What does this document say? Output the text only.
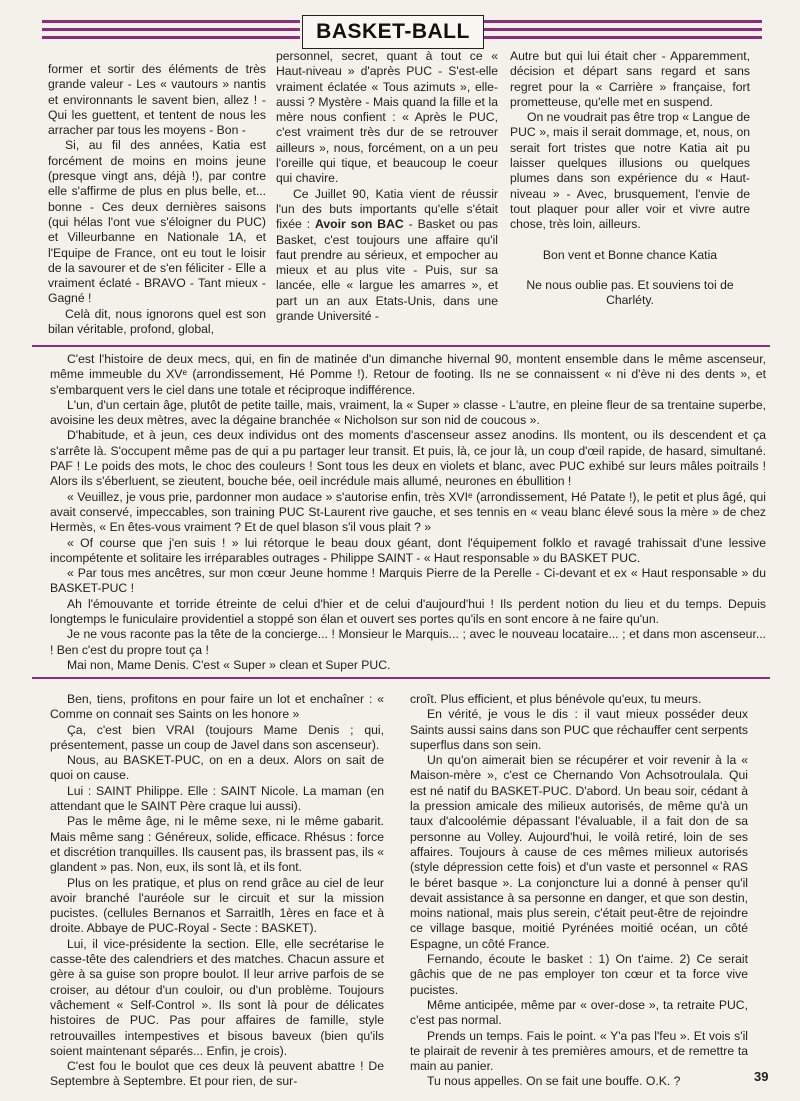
BASKET-BALL

former et sortir des éléments de très grande valeur - Les « vautours » nantis et environnants le savent bien, allez ! - Qui les guettent, et tentent de nous les arracher par tous les moyens - Bon -

Si, au fil des années, Katia est forcément de moins en moins jeune (presque vingt ans, déjà !), par contre elle s'affirme de plus en plus belle, et... bonne - Ces deux dernières saisons (qui hélas l'ont vue s'éloigner du PUC) et Villeurbanne en Nationale 1A, et l'Equipe de France, ont eu tout le loisir de la savourer et de s'en féliciter - Elle a vraiment éclaté - BRAVO - Tant mieux - Gagné !

Celà dit, nous ignorons quel est son bilan véritable, profond, global,

personnel, secret, quant à tout ce « Haut-niveau » d'après PUC - S'est-elle vraiment éclatée « Tous azimuts », elle-aussi ? Mystère - Mais quand la fille et la mère nous confient : « Après le PUC, c'est vraiment très dur de se retrouver ailleurs », nous, forcément, on a un peu l'oreille qui tique, et beaucoup le coeur qui chavire.

Ce Juillet 90, Katia vient de réussir l'un des buts importants qu'elle s'était fixée : Avoir son BAC - Basket ou pas Basket, c'est toujours une affaire qu'il faut prendre au sérieux, et empocher au mieux et au plus vite - Puis, sur sa lancée, elle « largue les amarres », et part un an aux Etats-Unis, dans une grande Université -

Autre but qui lui était cher - Apparemment, décision et départ sans regard et sans regret pour la « Carrière » française, fort prometteuse, qu'elle met en suspend.

On ne voudrait pas être trop « Langue de PUC », mais il serait dommage, et, nous, on serait fort tristes que notre Katia ait pu laisser quelques illusions ou quelques plumes dans son expérience du « Haut-niveau » - Avec, brusquement, l'envie de tout plaquer pour aller voir et vivre autre chose, très loin, ailleurs.

Bon vent et Bonne chance Katia

Ne nous oublie pas. Et souviens toi de Charléty.

C'est l'histoire de deux mecs, qui, en fin de matinée d'un dimanche hivernal 90, montent ensemble dans le même ascenseur, même immeuble du XVᵉ (arrondissement, Hé Pomme !). Retour de footing. Ils ne se connaissent « ni d'ève ni des dents », et s'embarquent vers le ciel dans une totale et réciproque indifférence.

L'un, d'un certain âge, plutôt de petite taille, mais, vraiment, la « Super » classe - L'autre, en pleine fleur de sa trentaine superbe, avoisine les deux mètres, avec la dégaine branchée « Nicholson sur son nid de coucous ».

D'habitude, et à jeun, ces deux individus ont des moments d'ascenseur assez anodins. Ils montent, ou ils descendent et ça s'arrête là. S'occupent même pas de qui a pu partager leur transit. Et puis, là, ce jour là, un coup d'œil rapide, de hasard, simultané. PAF ! Le poids des mots, le choc des couleurs ! Sont tous les deux en violets et blanc, avec PUC exhibé sur leurs mâles poitrails ! Alors ils s'éberluent, se zieutent, bouche bée, oeil incrédule mais allumé, neurones en ébullition !

« Veuillez, je vous prie, pardonner mon audace » s'autorise enfin, très XVIᵉ (arrondissement, Hé Patate !), le petit et plus âgé, qui avait conservé, impeccables, son training PUC St-Laurent rive gauche, et ses tennis en « veau blanc élevé sous la mère » de chez Hermès, « En êtes-vous vraiment ? Et de quel blason s'il vous plait ? »

« Of course que j'en suis ! » lui rétorque le beau doux géant, dont l'équipement folklo et ravagé trahissait d'une lessive incompétente et solitaire les irréparables outrages - Philippe SAINT - « Haut responsable » du BASKET PUC.

« Par tous mes ancêtres, sur mon cœur Jeune homme ! Marquis Pierre de la Perelle - Ci-devant et ex « Haut responsable » du BASKET-PUC !

Ah l'émouvante et torride étreinte de celui d'hier et de celui d'aujourd'hui ! Ils perdent notion du lieu et du temps. Depuis longtemps le funiculaire providentiel a stoppé son élan et ouvert ses portes qu'ils en sont encore à ne faire qu'un.

Je ne vous raconte pas la tête de la concierge... ! Monsieur le Marquis... ; avec le nouveau locataire... ; et dans mon ascenseur... ! Ben c'est du propre tout ça !

Mai non, Mame Denis. C'est « Super » clean et Super PUC.

Ben, tiens, profitons en pour faire un lot et enchaîner : « Comme on connait ses Saints on les honore »

Ça, c'est bien VRAI (toujours Mame Denis ; qui, présentement, passe un coup de Javel dans son ascenseur).

Nous, au BASKET-PUC, on en a deux. Alors on sait de quoi on cause.

Lui : SAINT Philippe. Elle : SAINT Nicole. La maman (en attendant que le SAINT Père craque lui aussi).

Pas le même âge, ni le même sexe, ni le même gabarit. Mais même sang : Généreux, solide, efficace. Rhésus : force et discrétion tranquilles. Ils causent pas, ils brassent pas, ils « glandent » pas. Non, eux, ils sont là, et ils font.

Plus on les pratique, et plus on rend grâce au ciel de leur avoir branché l'auréole sur le circuit et sur la mission pucistes. (cellules Bernanos et Sarraitlh, 1ères en face et à droite. Abbaye de PUC-Royal - Secte : BASKET).

Lui, il vice-présidente la section. Elle, elle secrétarise le casse-tête des calendriers et des matches. Chacun assure et gère à sa guise son propre boulot. Il leur arrive parfois de se croiser, au détour d'un couloir, ou d'un problème. Toujours vâchement « Self-Control ». Ils sont là pour de délicates histoires de PUC. Pas pour affaires de famille, style retrouvailles intempestives et bisous baveux (bien qu'ils soient maintenant séparés... Enfin, je crois).

C'est fou le boulot que ces deux là peuvent abattre ! De Septembre à Septembre. Et pour rien, de sur-

croît. Plus efficient, et plus bénévole qu'eux, tu meurs.

En vérité, je vous le dis : il vaut mieux posséder deux Saints aussi sains dans son PUC que réchauffer cent serpents superflus dans son sein.

Un qu'on aimerait bien se récupérer et voir revenir à la « Maison-mère », c'est ce Chernando Von Achsotroulala. Qui est né natif du BASKET-PUC. D'abord. Un beau soir, cédant à la pression amicale des milieux autorisés, de même qu'à un taux d'alcoolémie dépassant l'évaluable, il a fait don de sa personne au Volley. Aujourd'hui, le voilà retiré, loin de ses affaires. Toujours à cause de ces mêmes milieux autorisés (style dépression cette fois) et d'un vaste et personnel « RAS le béret basque ». La conjoncture lui a donné à penser qu'il devait assistance à sa personne en danger, et que son destin, moins national, mais plus serein, c'était peut-être de rejoindre ce village basque, moitié Pyrénées moitié océan, un côté Espagne, un côté France.

Fernando, écoute le basket : 1) On t'aime. 2) Ce serait gâchis que de ne pas employer ton cœur et ta force vive pucistes.

Même anticipée, même par « over-dose », ta retraite PUC, c'est pas normal.

Prends un temps. Fais le point. « Y'a pas l'feu ». Et vois s'il te plairait de revenir à tes premières amours, et de remettre ta main au panier.

Tu nous appelles. On se fait une bouffe. O.K. ?	39
